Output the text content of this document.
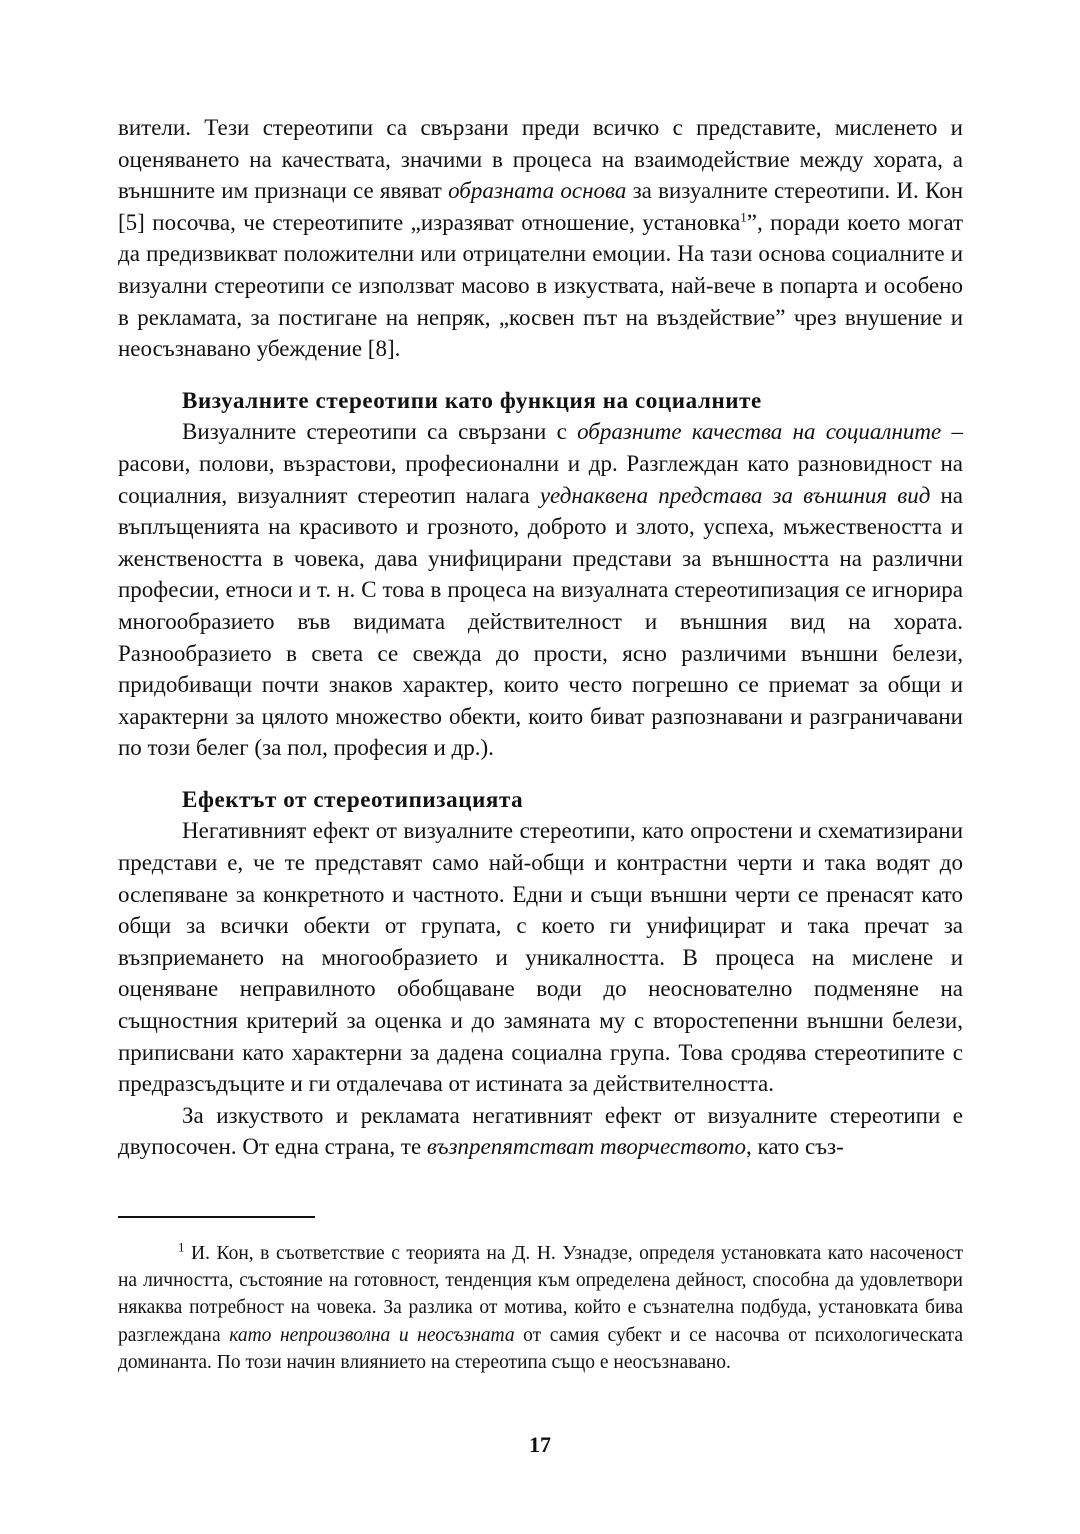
вители. Тези стереотипи са свързани преди всичко с представите, мисленето и оценяването на качествата, значими в процеса на взаимодействие между хората, а външните им признаци се явяват образната основа за визуалните стереотипи. И. Кон [5] посочва, че стереотипите „изразяват отношение, установка$^1$”, поради което могат да предизвикват положителни или отрицателни емоции. На тази основа социалните и визуални стереотипи се използват масово в изкуствата, най-вече в попарта и особено в рекламата, за постигане на непряк, „косвен път на въздействие” чрез внушение и неосъзнавано убеждение [8].

Визуалните стереотипи като функция на социалните

Визуалните стереотипи са свързани с образните качества на социалните – расови, полови, възрастови, професионални и др. Разглеждан като разновидност на социалния, визуалният стереотип налага уеднаквена представа за външния вид на въплъщенията на красивото и грозното, доброто и злото, успеха, мъжествеността и женствеността в човека, дава унифицирани представи за външността на различни професии, етноси и т. н. С това в процеса на визуалната стереотипизация се игнорира многообразието във видимата действителност и външния вид на хората. Разнообразието в света се свежда до прости, ясно различими външни белези, придобиващи почти знаков характер, които често погрешно се приемат за общи и характерни за цялото множество обекти, които биват разпознавани и разграничавани по този белег (за пол, професия и др.).

Ефектът от стереотипизацията

Негативният ефект от визуалните стереотипи, като опростени и схематизирани представи е, че те представят само най-общи и контрастни черти и така водят до ослепяване за конкретното и частното. Едни и същи външни черти се пренасят като общи за всички обекти от групата, с което ги унифицират и така пречат за възприемането на многообразието и уникалността. В процеса на мислене и оценяване неправилното обобщаване води до неоснователно подменяне на същностния критерий за оценка и до замяната му с второстепенни външни белези, приписвани като характерни за дадена социална група. Това сродява стереотипите с предразсъдъците и ги отдалечава от истината за действителността.

За изкуството и рекламата негативният ефект от визуалните стереотипи е двупосочен. От една страна, те възпрепятстват творчеството, като съз-

$^1$ И. Кон, в съответствие с теорията на Д. Н. Узнадзе, определя установката като насоченост на личността, състояние на готовност, тенденция към определена дейност, способна да удовлетвори някаква потребност на човека. За разлика от мотива, който е съзнателна подбуда, установката бива разглеждана като непроизволна и неосъзната от самия субект и се насочва от психологическата доминанта. По този начин влиянието на стереотипа също е неосъзнавано.

17
